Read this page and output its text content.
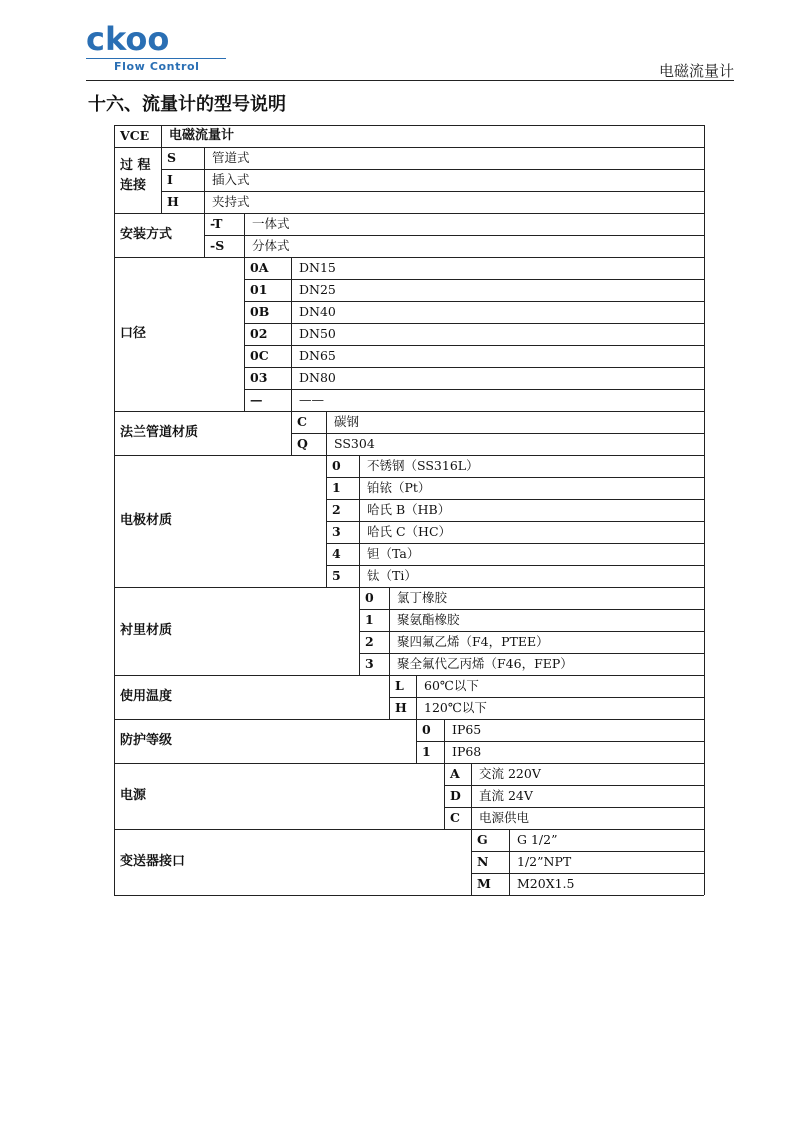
ckoo
Flow Control	电磁流量计
十六、流量计的型号说明
VCE 电磁流量计
过 程
连接
S	管道式
I	插入式
H	夹持式
安装方式
-T 一体式
-S 分体式
口径
0A DN15
01	DN25
0B DN40
02	DN50
0C DN65
03	DN80
—	——
法兰管道材质
C 碳钢
Q SS304
电极材质
0 不锈钢（SS316L）
1 铂铱（Pt）
2 哈氏 B（HB）
3 哈氏 C（HC）
4 钽（Ta）
5 钛（Ti）
衬里材质
0 氯丁橡胶
1 聚氨酯橡胶
2 聚四氟乙烯（F4，PTEE）
3 聚全氟代乙丙烯（F46，FEP）
使用温度
L 60℃以下
H 120℃以下
防护等级
0 IP65
1 IP68
电源
A 交流 220V
D 直流 24V
C 电源供电
变送器接口
G G 1/2”
N 1/2”NPT
M M20X1.5
